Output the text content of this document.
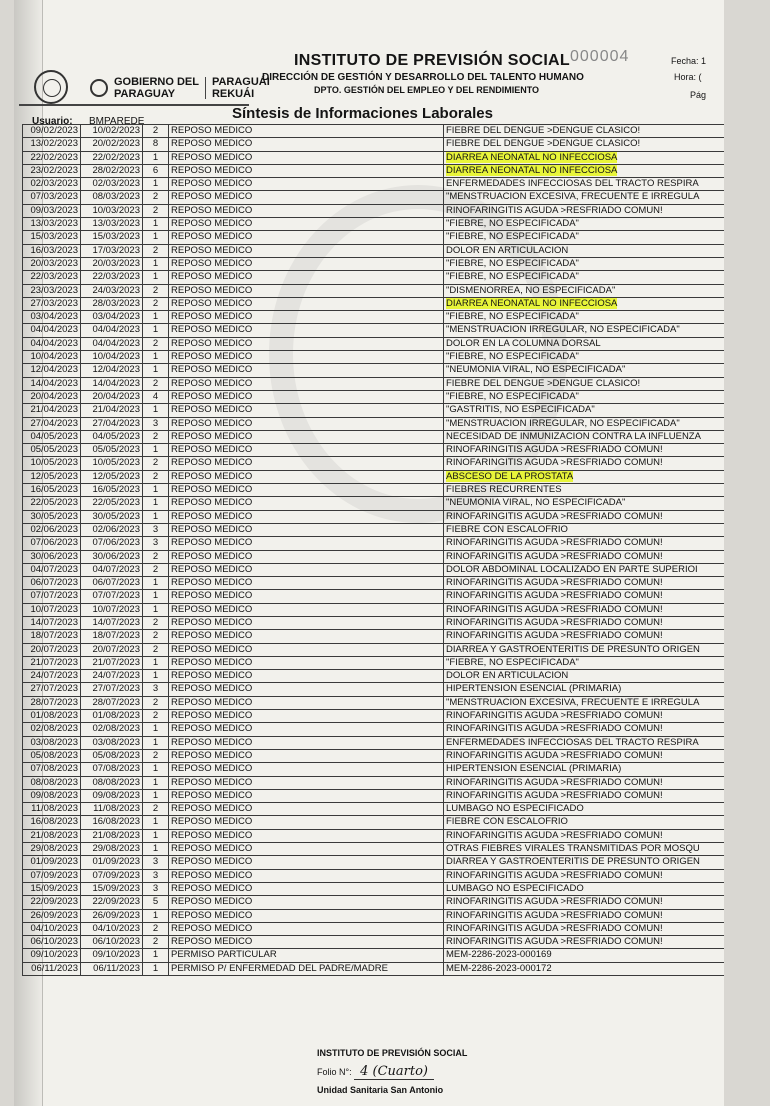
GOBIERNO DEL
PARAGUAY
PARAGUÁI
REKUÁI
INSTITUTO DE PREVISIÓN SOCIAL 000004
DIRECCIÓN DE GESTIÓN Y DESARROLLO DEL TALENTO HUMANO
DPTO. GESTIÓN DEL EMPLEO Y DEL RENDIMIENTO
Fecha: 1
Hora: (
Pág
Síntesis de Informaciones Laborales
Usuario: BMPAREDE
09/02/2023	10/02/2023	2	REPOSO MEDICO	FIEBRE DEL DENGUE >DENGUE CLASICO!
13/02/2023	20/02/2023	8	REPOSO MEDICO	FIEBRE DEL DENGUE >DENGUE CLASICO!
22/02/2023	22/02/2023	1	REPOSO MEDICO	DIARREA NEONATAL NO INFECCIOSA
23/02/2023	28/02/2023	6	REPOSO MEDICO	DIARREA NEONATAL NO INFECCIOSA
02/03/2023	02/03/2023	1	REPOSO MEDICO	ENFERMEDADES INFECCIOSAS DEL TRACTO RESPIRA
07/03/2023	08/03/2023	2	REPOSO MEDICO	"MENSTRUACION EXCESIVA, FRECUENTE E IRREGULA
09/03/2023	10/03/2023	2	REPOSO MEDICO	RINOFARINGITIS AGUDA >RESFRIADO COMUN!
13/03/2023	13/03/2023	1	REPOSO MEDICO	"FIEBRE, NO ESPECIFICADA"
15/03/2023	15/03/2023	1	REPOSO MEDICO	"FIEBRE, NO ESPECIFICADA"
16/03/2023	17/03/2023	2	REPOSO MEDICO	DOLOR EN ARTICULACION
20/03/2023	20/03/2023	1	REPOSO MEDICO	"FIEBRE, NO ESPECIFICADA"
22/03/2023	22/03/2023	1	REPOSO MEDICO	"FIEBRE, NO ESPECIFICADA"
23/03/2023	24/03/2023	2	REPOSO MEDICO	"DISMENORREA, NO ESPECIFICADA"
27/03/2023	28/03/2023	2	REPOSO MEDICO	DIARREA NEONATAL NO INFECCIOSA
03/04/2023	03/04/2023	1	REPOSO MEDICO	"FIEBRE, NO ESPECIFICADA"
04/04/2023	04/04/2023	1	REPOSO MEDICO	"MENSTRUACION IRREGULAR, NO ESPECIFICADA"
04/04/2023	04/04/2023	2	REPOSO MEDICO	DOLOR EN LA COLUMNA DORSAL
10/04/2023	10/04/2023	1	REPOSO MEDICO	"FIEBRE, NO ESPECIFICADA"
12/04/2023	12/04/2023	1	REPOSO MEDICO	"NEUMONIA VIRAL, NO ESPECIFICADA"
14/04/2023	14/04/2023	2	REPOSO MEDICO	FIEBRE DEL DENGUE >DENGUE CLASICO!
20/04/2023	20/04/2023	4	REPOSO MEDICO	"FIEBRE, NO ESPECIFICADA"
21/04/2023	21/04/2023	1	REPOSO MEDICO	"GASTRITIS, NO ESPECIFICADA"
27/04/2023	27/04/2023	3	REPOSO MEDICO	"MENSTRUACION IRREGULAR, NO ESPECIFICADA"
04/05/2023	04/05/2023	2	REPOSO MEDICO	NECESIDAD DE INMUNIZACION CONTRA LA INFLUENZA
05/05/2023	05/05/2023	1	REPOSO MEDICO	RINOFARINGITIS AGUDA >RESFRIADO COMUN!
10/05/2023	10/05/2023	2	REPOSO MEDICO	RINOFARINGITIS AGUDA >RESFRIADO COMUN!
12/05/2023	12/05/2023	2	REPOSO MEDICO	ABSCESO DE LA PROSTATA
16/05/2023	16/05/2023	1	REPOSO MEDICO	FIEBRES RECURRENTES
22/05/2023	22/05/2023	1	REPOSO MEDICO	"NEUMONIA VIRAL, NO ESPECIFICADA"
30/05/2023	30/05/2023	1	REPOSO MEDICO	RINOFARINGITIS AGUDA >RESFRIADO COMUN!
02/06/2023	02/06/2023	3	REPOSO MEDICO	FIEBRE CON ESCALOFRIO
07/06/2023	07/06/2023	3	REPOSO MEDICO	RINOFARINGITIS AGUDA >RESFRIADO COMUN!
30/06/2023	30/06/2023	2	REPOSO MEDICO	RINOFARINGITIS AGUDA >RESFRIADO COMUN!
04/07/2023	04/07/2023	2	REPOSO MEDICO	DOLOR ABDOMINAL LOCALIZADO EN PARTE SUPERIOI
06/07/2023	06/07/2023	1	REPOSO MEDICO	RINOFARINGITIS AGUDA >RESFRIADO COMUN!
07/07/2023	07/07/2023	1	REPOSO MEDICO	RINOFARINGITIS AGUDA >RESFRIADO COMUN!
10/07/2023	10/07/2023	1	REPOSO MEDICO	RINOFARINGITIS AGUDA >RESFRIADO COMUN!
14/07/2023	14/07/2023	2	REPOSO MEDICO	RINOFARINGITIS AGUDA >RESFRIADO COMUN!
18/07/2023	18/07/2023	2	REPOSO MEDICO	RINOFARINGITIS AGUDA >RESFRIADO COMUN!
20/07/2023	20/07/2023	2	REPOSO MEDICO	DIARREA Y GASTROENTERITIS DE PRESUNTO ORIGEN
21/07/2023	21/07/2023	1	REPOSO MEDICO	"FIEBRE, NO ESPECIFICADA"
24/07/2023	24/07/2023	1	REPOSO MEDICO	DOLOR EN ARTICULACION
27/07/2023	27/07/2023	3	REPOSO MEDICO	HIPERTENSION ESENCIAL (PRIMARIA)
28/07/2023	28/07/2023	2	REPOSO MEDICO	"MENSTRUACION EXCESIVA, FRECUENTE E IRREGULA
01/08/2023	01/08/2023	2	REPOSO MEDICO	RINOFARINGITIS AGUDA >RESFRIADO COMUN!
02/08/2023	02/08/2023	1	REPOSO MEDICO	RINOFARINGITIS AGUDA >RESFRIADO COMUN!
03/08/2023	03/08/2023	1	REPOSO MEDICO	ENFERMEDADES INFECCIOSAS DEL TRACTO RESPIRA
05/08/2023	05/08/2023	2	REPOSO MEDICO	RINOFARINGITIS AGUDA >RESFRIADO COMUN!
07/08/2023	07/08/2023	1	REPOSO MEDICO	HIPERTENSION ESENCIAL (PRIMARIA)
08/08/2023	08/08/2023	1	REPOSO MEDICO	RINOFARINGITIS AGUDA >RESFRIADO COMUN!
09/08/2023	09/08/2023	1	REPOSO MEDICO	RINOFARINGITIS AGUDA >RESFRIADO COMUN!
11/08/2023	11/08/2023	2	REPOSO MEDICO	LUMBAGO NO ESPECIFICADO
16/08/2023	16/08/2023	1	REPOSO MEDICO	FIEBRE CON ESCALOFRIO
21/08/2023	21/08/2023	1	REPOSO MEDICO	RINOFARINGITIS AGUDA >RESFRIADO COMUN!
29/08/2023	29/08/2023	1	REPOSO MEDICO	OTRAS FIEBRES VIRALES TRANSMITIDAS POR MOSQU
01/09/2023	01/09/2023	3	REPOSO MEDICO	DIARREA Y GASTROENTERITIS DE PRESUNTO ORIGEN
07/09/2023	07/09/2023	3	REPOSO MEDICO	RINOFARINGITIS AGUDA >RESFRIADO COMUN!
15/09/2023	15/09/2023	3	REPOSO MEDICO	LUMBAGO NO ESPECIFICADO
22/09/2023	22/09/2023	5	REPOSO MEDICO	RINOFARINGITIS AGUDA >RESFRIADO COMUN!
26/09/2023	26/09/2023	1	REPOSO MEDICO	RINOFARINGITIS AGUDA >RESFRIADO COMUN!
04/10/2023	04/10/2023	2	REPOSO MEDICO	RINOFARINGITIS AGUDA >RESFRIADO COMUN!
06/10/2023	06/10/2023	2	REPOSO MEDICO	RINOFARINGITIS AGUDA >RESFRIADO COMUN!
09/10/2023	09/10/2023	1	PERMISO PARTICULAR	MEM-2286-2023-000169
06/11/2023	06/11/2023	1	PERMISO P/ ENFERMEDAD DEL PADRE/MADRE	MEM-2286-2023-000172
INSTITUTO DE PREVISIÓN SOCIAL
Folio N°: 4 (Cuarto)
Unidad Sanitaria San Antonio
